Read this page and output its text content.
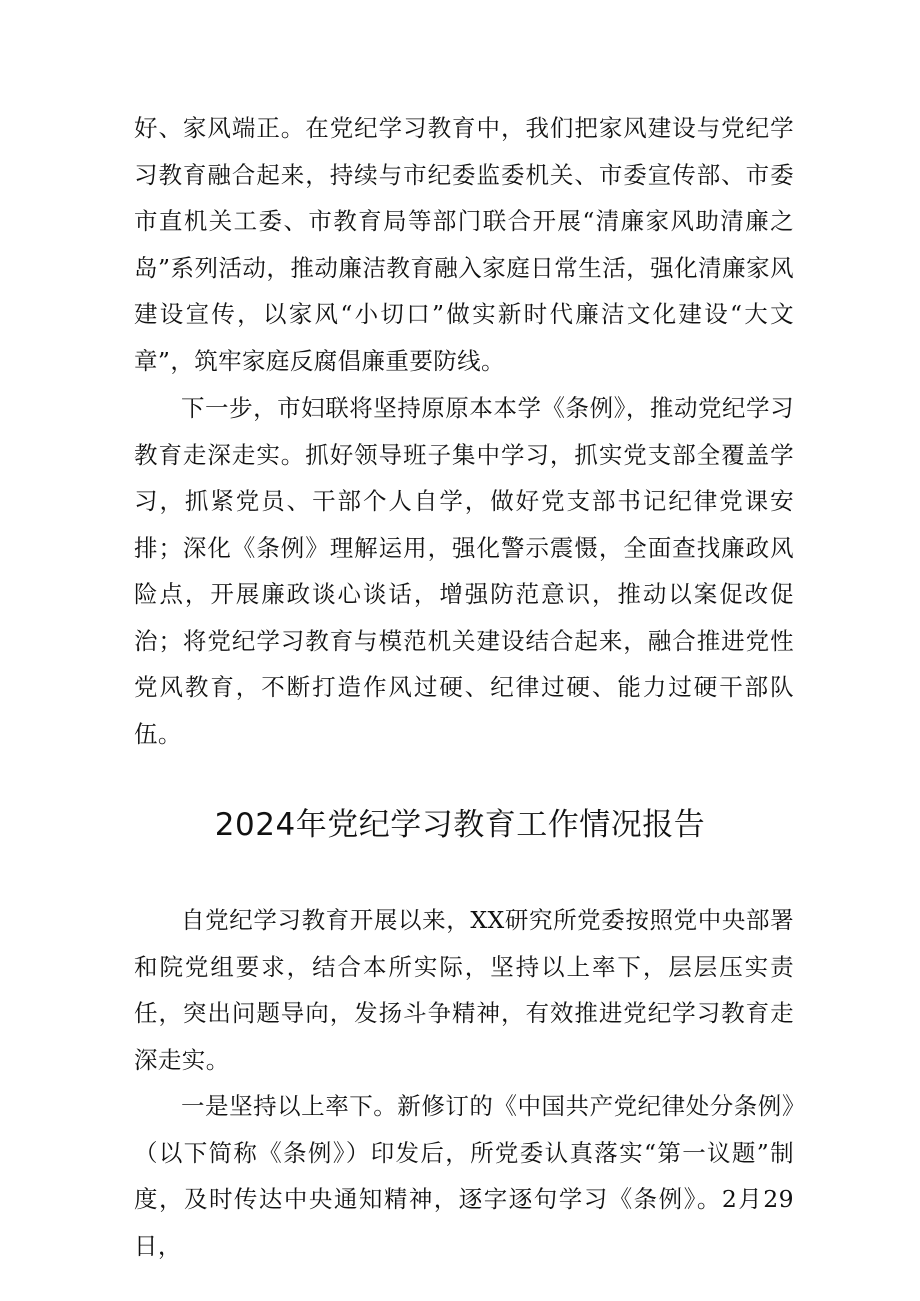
好、家风端正。在党纪学习教育中，我们把家风建设与党纪学习教育融合起来，持续与市纪委监委机关、市委宣传部、市委市直机关工委、市教育局等部门联合开展“清廉家风助清廉之岛”系列活动，推动廉洁教育融入家庭日常生活，强化清廉家风建设宣传，以家风“小切口”做实新时代廉洁文化建设“大文章”，筑牢家庭反腐倡廉重要防线。

下一步，市妇联将坚持原原本本学《条例》，推动党纪学习教育走深走实。抓好领导班子集中学习，抓实党支部全覆盖学习，抓紧党员、干部个人自学，做好党支部书记纪律党课安排；深化《条例》理解运用，强化警示震慑，全面查找廉政风险点，开展廉政谈心谈话，增强防范意识，推动以案促改促治；将党纪学习教育与模范机关建设结合起来，融合推进党性党风教育，不断打造作风过硬、纪律过硬、能力过硬干部队伍。

2024年党纪学习教育工作情况报告

自党纪学习教育开展以来，XX研究所党委按照党中央部署和院党组要求，结合本所实际，坚持以上率下，层层压实责任，突出问题导向，发扬斗争精神，有效推进党纪学习教育走深走实。

一是坚持以上率下。新修订的《中国共产党纪律处分条例》（以下简称《条例》）印发后，所党委认真落实“第一议题”制度，及时传达中央通知精神，逐字逐句学习《条例》。2月29日，
